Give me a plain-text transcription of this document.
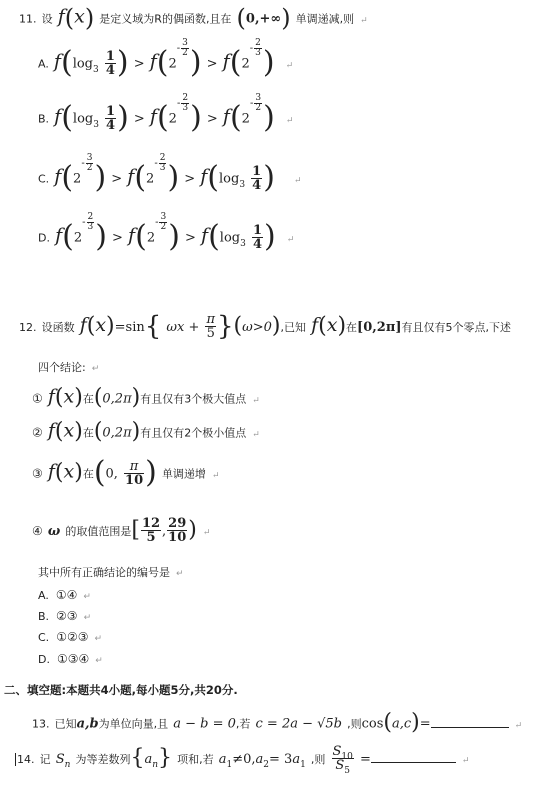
11. 设 f(x) 是定义域为R的偶函数,且在 (0,+∞) 单调递减,则 ↵
A. $f(\log_3 \frac{1}{4}$ ) > $f(2- \frac{3}{2}$ ) > $f(2- \frac{2}{3}$ ) ↵
B. $f(\log_3 \frac{1}{4}$ ) > $f(2- \frac{2}{3}$ ) > $f(2- \frac{3}{2}$ ) ↵
C. $f(2- \frac{3}{2}$ ) > $f(2- \frac{2}{3}$ ) > $f(\log_3 \frac{1}{4}$ ) ↵
D. $f(2- \frac{2}{3}$ ) > $f(2- \frac{3}{2}$ ) > $f(\log_3 \frac{1}{4}$ ) ↵
12. 设函数 f(x)=sin{ $\omega x + \frac{\pi}{5} \}(\omega>0)$,已知 f(x)在[0,2π]有且仅有5个零点,下述
四个结论: ↵
① f(x)在(0,2π)有且仅有3个极大值点 ↵
② f(x)在(0,2π)有且仅有2个极小值点 ↵
③ f(x)在(0, $\frac{\pi}{10}$ ) 单调递增 ↵
④ ω 的取值范围是[ $\frac{12}{5}$ , $\frac{29}{10}$ ) ↵
其中所有正确结论的编号是 ↵
A. ①④ ↵
B. ②③ ↵
C. ①②③ ↵
D. ①③④ ↵
二、填空题:本题共4小题,每小题5分,共20分.
13. 已知a,b为单位向量,且 a − b = 0,若 c = 2a − √5b ,则cos(a,c)=	↵
14. 记 $S_n$ 为等差数列$\{a_n\}$ 项和,若 $a_1\ne 0,a_2= 3a_1$ ,则 $\frac{S_{10}}{S_5}$ =	↵
